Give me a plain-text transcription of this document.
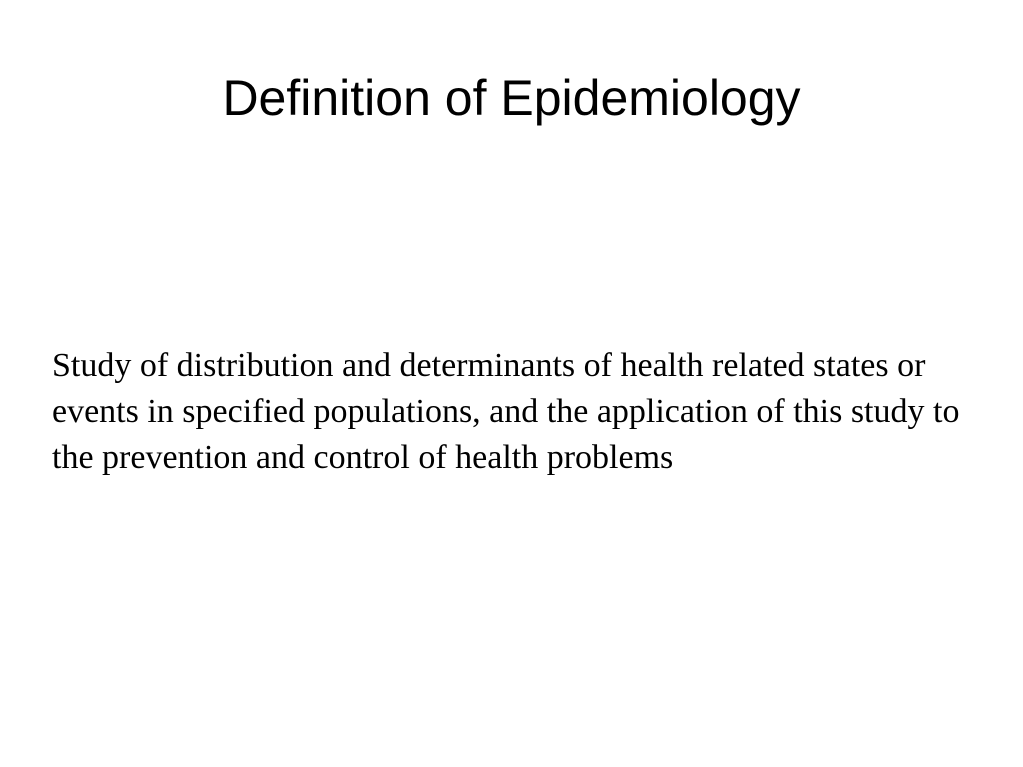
Definition of Epidemiology

Study of distribution and determinants of health related states or events in specified populations, and the application of this study to the prevention and control of health problems
